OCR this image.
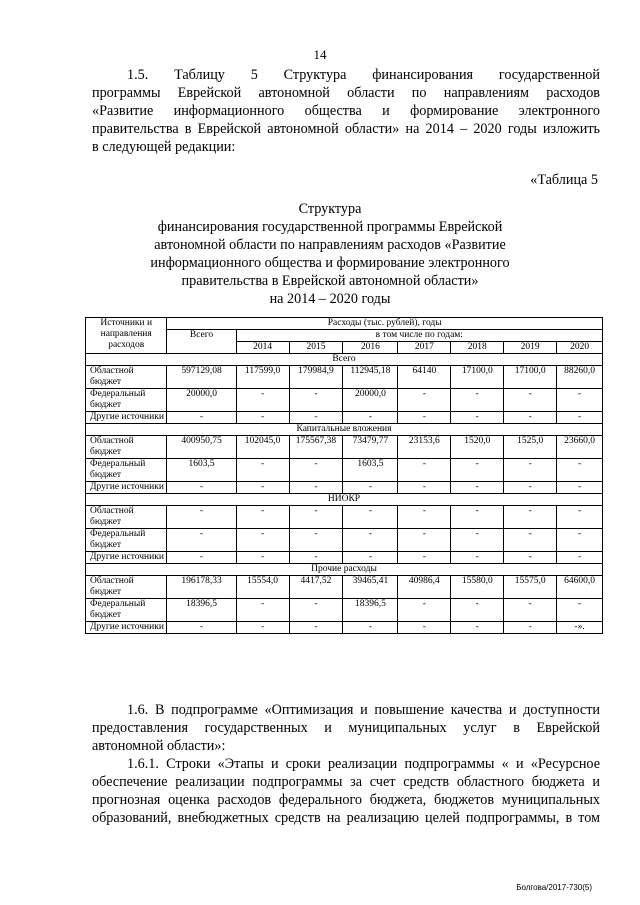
14
1.5. Таблицу 5 Структура финансирования государственной
программы Еврейской автономной области по направлениям расходов
«Развитие информационного общества и формирование электронного
правительства в Еврейской автономной области» на 2014 – 2020 годы изложить
в следующей редакции:
«Таблица 5
Структура
финансирования государственной программы Еврейской
автономной области по направлениям расходов «Развитие
информационного общества и формирование электронного
правительства в Еврейской автономной области»
на 2014 – 2020 годы
Источники и направления расходов	Расходы (тыс. рублей), годы							
	Всего	в том числе по годам:						
		2014	2015	2016	2017	2018	2019	2020
Всего								
Областной бюджет	597129,08	117599,0	179984,9	112945,18	64140	17100,0	17100,0	88260,0
Федеральный бюджет	20000,0	-	-	20000,0	-	-	-	-
Другие источники	-	-	-	-	-	-	-	-
Капитальные вложения								
Областной бюджет	400950,75	102045,0	175567,38	73479,77	23153,6	1520,0	1525,0	23660,0
Федеральный бюджет	1603,5	-	-	1603,5	-	-	-	-
Другие источники	-	-	-	-	-	-	-	-
НИОКР								
Областной бюджет	-	-	-	-	-	-	-	-
Федеральный бюджет	-	-	-	-	-	-	-	-
Другие источники	-	-	-	-	-	-	-	-
Прочие расходы								
Областной бюджет	196178,33	15554,0	4417,52	39465,41	40986,4	15580,0	15575,0	64600,0
Федеральный бюджет	18396,5	-	-	18396,5	-	-	-	-
Другие источники	-	-	-	-	-	-	-	-».
1.6. В подпрограмме «Оптимизация и повышение качества и доступности
предоставления государственных и муниципальных услуг в Еврейской
автономной области»:
1.6.1. Строки «Этапы и сроки реализации подпрограммы « и «Ресурсное
обеспечение реализации подпрограммы за счет средств областного бюджета и
прогнозная оценка расходов федерального бюджета, бюджетов муниципальных
образований, внебюджетных средств на реализацию целей подпрограммы, в том
Болгова/2017-730(5)
